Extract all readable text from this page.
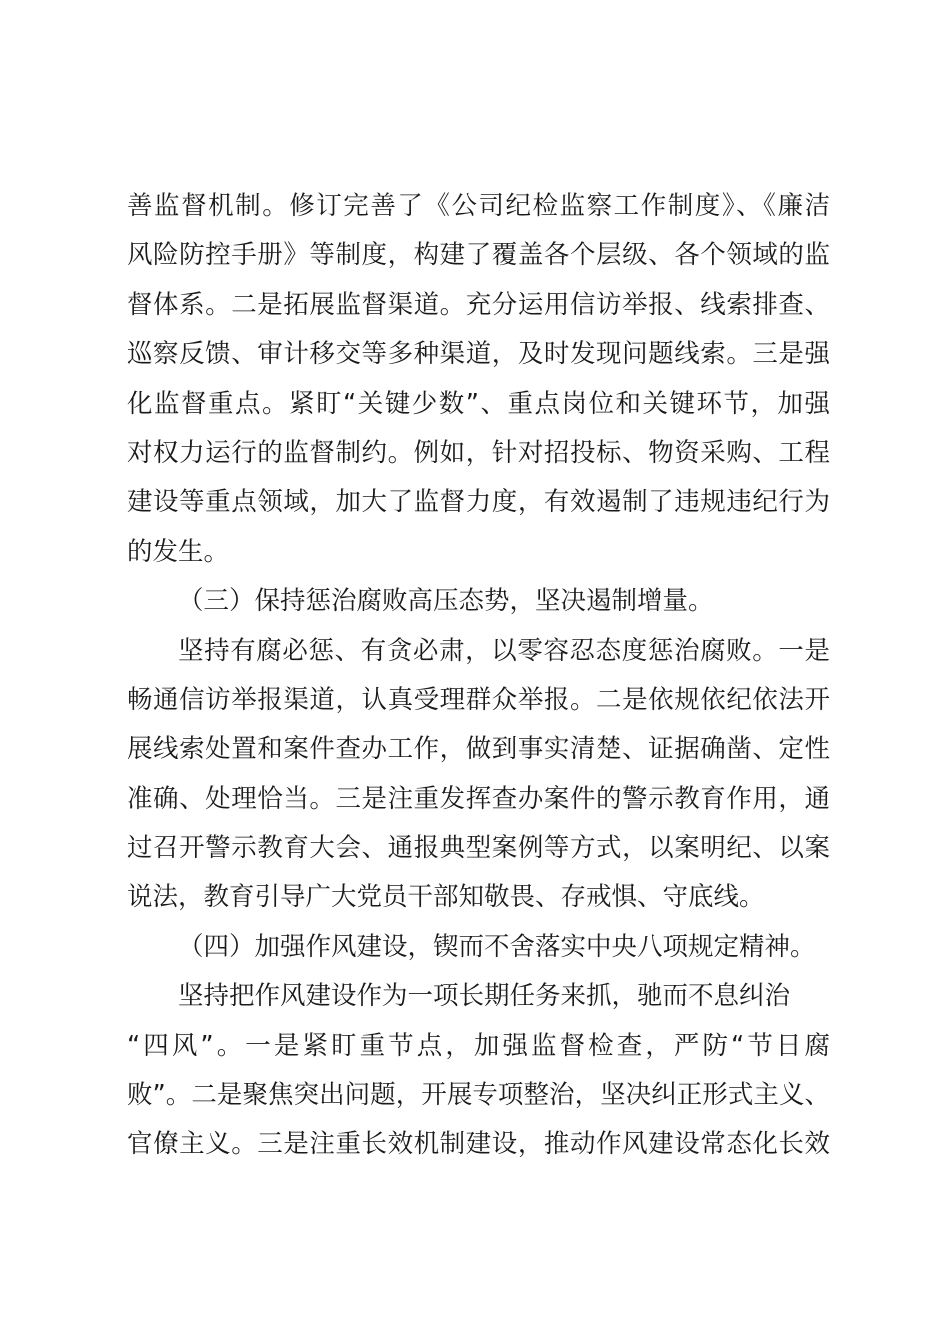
善监督机制。修订完善了《公司纪检监察工作制度》、《廉洁
风险防控手册》等制度，构建了覆盖各个层级、各个领域的监
督体系。二是拓展监督渠道。充分运用信访举报、线索排查、
巡察反馈、审计移交等多种渠道，及时发现问题线索。三是强
化监督重点。紧盯“关键少数”、重点岗位和关键环节，加强
对权力运行的监督制约。例如，针对招投标、物资采购、工程
建设等重点领域，加大了监督力度，有效遏制了违规违纪行为
的发生。
（三）保持惩治腐败高压态势，坚决遏制增量。
坚持有腐必惩、有贪必肃，以零容忍态度惩治腐败。一是
畅通信访举报渠道，认真受理群众举报。二是依规依纪依法开
展线索处置和案件查办工作，做到事实清楚、证据确凿、定性
准确、处理恰当。三是注重发挥查办案件的警示教育作用，通
过召开警示教育大会、通报典型案例等方式，以案明纪、以案
说法，教育引导广大党员干部知敬畏、存戒惧、守底线。
（四）加强作风建设，锲而不舍落实中央八项规定精神。
坚持把作风建设作为一项长期任务来抓，驰而不息纠治
“四风”。一是紧盯重节点，加强监督检查，严防“节日腐
败”。二是聚焦突出问题，开展专项整治，坚决纠正形式主义、
官僚主义。三是注重长效机制建设，推动作风建设常态化长效
